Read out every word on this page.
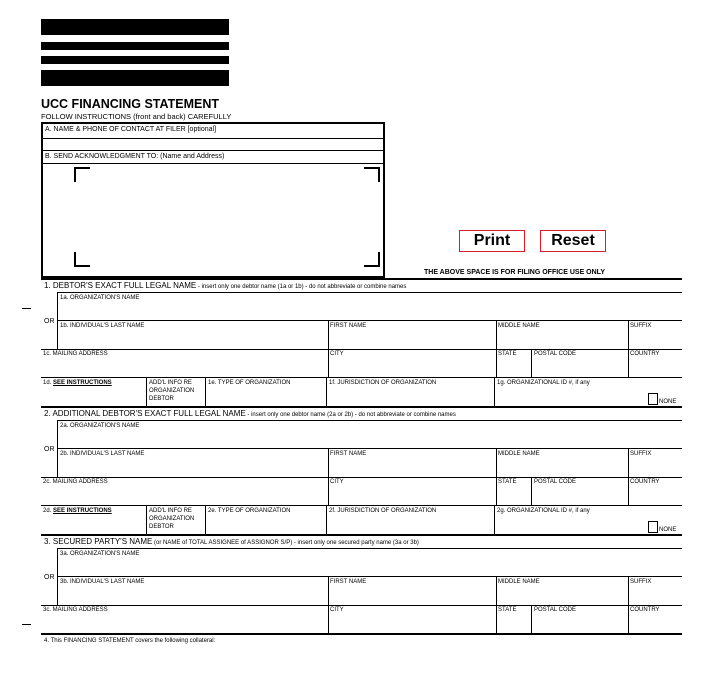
UCC FINANCING STATEMENT
FOLLOW INSTRUCTIONS (front and back) CAREFULLY
A. NAME & PHONE OF CONTACT AT FILER [optional]
B. SEND ACKNOWLEDGMENT TO: (Name and Address)
Print	Reset
THE ABOVE SPACE IS FOR FILING OFFICE USE ONLY
1. DEBTOR'S EXACT FULL LEGAL NAME - insert only one debtor name (1a or 1b) - do not abbreviate or combine names
1a. ORGANIZATION'S NAME
OR
1b. INDIVIDUAL'S LAST NAME	FIRST NAME	MIDDLE NAME	SUFFIX
1c. MAILING ADDRESS	CITY	STATE	POSTAL CODE	COUNTRY
1d. SEE INSTRUCTIONS	ADD'L INFO RE
ORGANIZATION
DEBTOR
1e. TYPE OF ORGANIZATION	1f. JURISDICTION OF ORGANIZATION	1g. ORGANIZATIONAL ID #, if any
NONE
2. ADDITIONAL DEBTOR'S EXACT FULL LEGAL NAME - insert only one debtor name (2a or 2b) - do not abbreviate or combine names
2a. ORGANIZATION'S NAME
OR
2b. INDIVIDUAL'S LAST NAME	FIRST NAME	MIDDLE NAME	SUFFIX
2c. MAILING ADDRESS	CITY	STATE	POSTAL CODE	COUNTRY
2d. SEE INSTRUCTIONS	ADD'L INFO RE
ORGANIZATION
DEBTOR
2e. TYPE OF ORGANIZATION	2f. JURISDICTION OF ORGANIZATION	2g. ORGANIZATIONAL ID #, if any
NONE
3. SECURED PARTY'S NAME (or NAME of TOTAL ASSIGNEE of ASSIGNOR S/P) - insert only one secured party name (3a or 3b)
3a. ORGANIZATION'S NAME
OR
3b. INDIVIDUAL'S LAST NAME	FIRST NAME	MIDDLE NAME	SUFFIX
3c. MAILING ADDRESS	CITY	STATE	POSTAL CODE	COUNTRY
4. This FINANCING STATEMENT covers the following collateral:
